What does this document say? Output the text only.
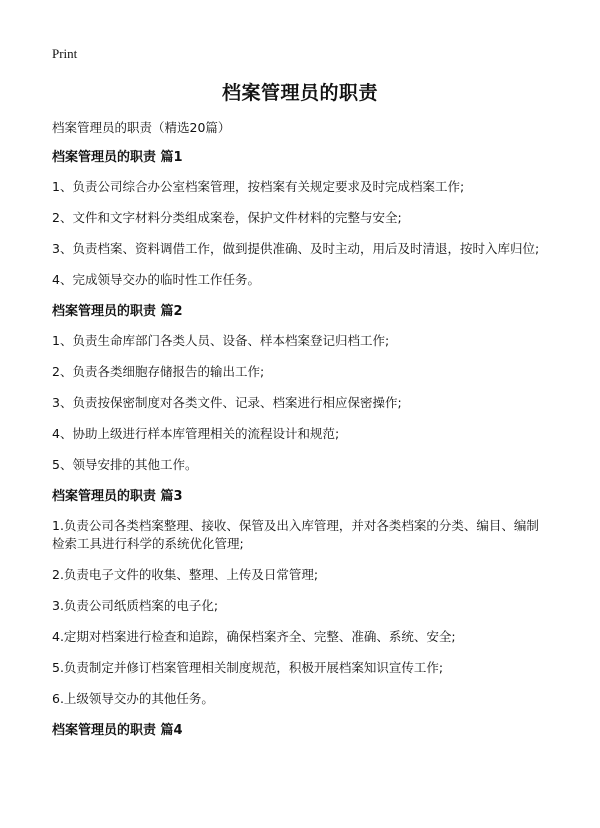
Print
档案管理员的职责
档案管理员的职责（精选20篇）
档案管理员的职责 篇1
1、负责公司综合办公室档案管理，按档案有关规定要求及时完成档案工作;
2、文件和文字材料分类组成案卷，保护文件材料的完整与安全;
3、负责档案、资料调借工作，做到提供准确、及时主动，用后及时清退，按时入库归位;
4、完成领导交办的临时性工作任务。
档案管理员的职责 篇2
1、负责生命库部门各类人员、设备、样本档案登记归档工作;
2、负责各类细胞存储报告的输出工作;
3、负责按保密制度对各类文件、记录、档案进行相应保密操作;
4、协助上级进行样本库管理相关的流程设计和规范;
5、领导安排的其他工作。
档案管理员的职责 篇3
1.负责公司各类档案整理、接收、保管及出入库管理，并对各类档案的分类、编目、编制检索工具进行科学的系统优化管理;
2.负责电子文件的收集、整理、上传及日常管理;
3.负责公司纸质档案的电子化;
4.定期对档案进行检查和追踪，确保档案齐全、完整、准确、系统、安全;
5.负责制定并修订档案管理相关制度规范，积极开展档案知识宣传工作;
6.上级领导交办的其他任务。
档案管理员的职责 篇4
